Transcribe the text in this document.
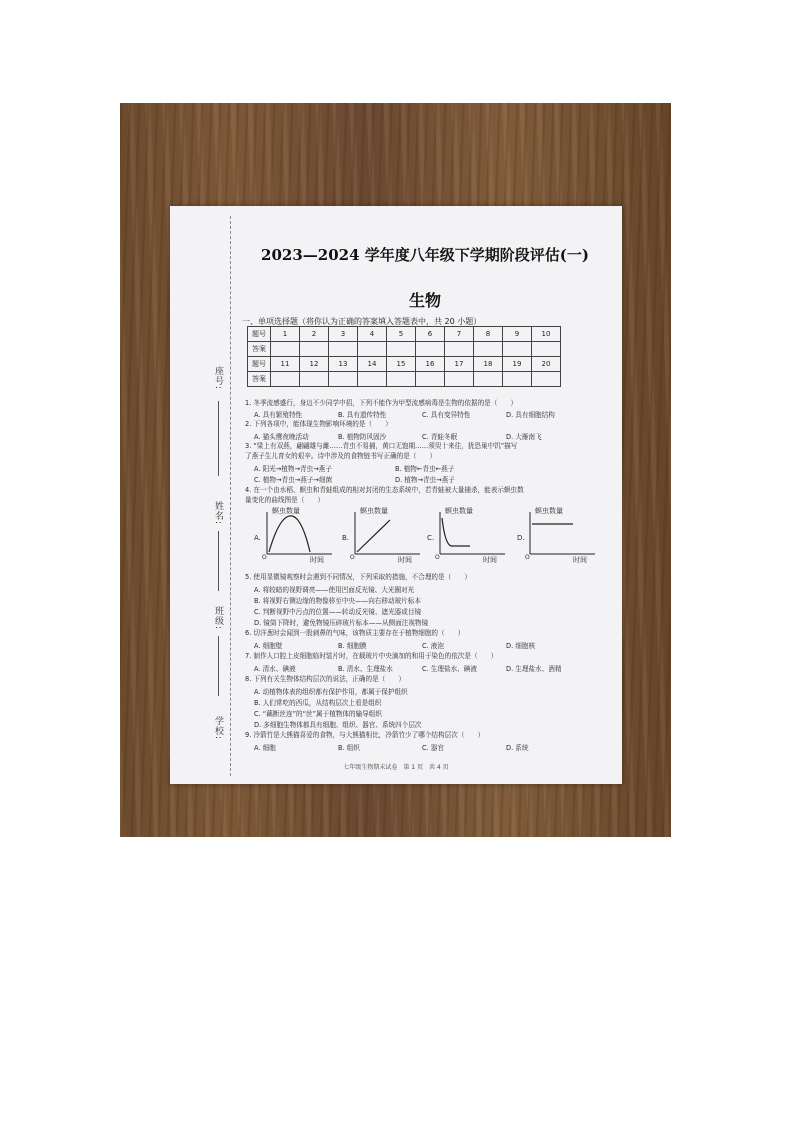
座号:
姓名:
班级:
学校:
2023—2024 学年度八年级下学期阶段评估(一)
生物
一、单项选择题（将你认为正确的答案填入答题表中，共 20 小题）
题号	1	2	3	4	5	6	7	8	9	10
答案										
题号	11	12	13	14	15	16	17	18	19	20
答案										
1. 冬季流感盛行，身边不少同学中招，下列不能作为甲型流感病毒是生物的依据的是（　　）
A. 具有繁殖特性	B. 具有遗传特性	C. 具有变异特性	D. 具有细胞结构
2. 下列各项中，能体现生物影响环境的是（　　）
A. 猫头鹰夜晚活动	B. 植物防风固沙	C. 青蛙冬眠	D. 大雁南飞
3. “梁上有双燕，翩翩雄与雌……青虫不易捕，黄口无饱期……须臾十来往，犹恐巢中饥”描写
了燕子生儿育女的艰辛。诗中涉及的食物链书写正确的是（　　）
A. 阳光→植物→青虫→燕子	B. 植物←青虫←燕子
C. 植物→青虫→燕子→细菌	D. 植物→青虫→燕子
4. 在一个由水稻、螟虫和青蛙组成的相对封闭的生态系统中，若青蛙被大量捕杀，能表示螟虫数
量变化的曲线图是（　　）
螟虫数量
时间
O
A.
螟虫数量
时间
O
B.
螟虫数量
时间
O
C.
螟虫数量
时间
O
D.
5. 使用显微镜观察时会遇到不同情况，下列采取的措施，不合理的是（　　）
A. 将较暗的视野调亮——使用凹面反光镜、大光圈对光
B. 将视野右侧边缘的物像移至中央——向右移动玻片标本
C. 判断视野中污点的位置——转动反光镜、遮光器或目镜
D. 镜筒下降时，避免物镜压碎玻片标本——从侧面注视物镜
6. 切洋葱时会闻到一股刺鼻的气味，该物质主要存在于植物细胞的（　　）
A. 细胞壁	B. 细胞膜	C. 液泡	D. 细胞核
7. 制作人口腔上皮细胞临时装片时，在载玻片中央滴加的和用于染色的依次是（　　）
A. 清水、碘液	B. 清水、生理盐水	C. 生理盐水、碘液	D. 生理盐水、酒精
8. 下列有关生物体结构层次的说法，正确的是（　　）
A. 动植物体表的组织都有保护作用，都属于保护组织
B. 人们常吃的西瓜，从结构层次上看是组织
C. “藕断丝连”的“丝”属于植物体的输导组织
D. 多细胞生物体都具有细胞、组织、器官、系统四个层次
9. 冷箭竹是大熊猫喜爱的食物，与大熊猫相比，冷箭竹少了哪个结构层次（　　）
A. 细胞	B. 组织	C. 器官	D. 系统
七年级生物期末试卷　第 1 页　共 4 页
